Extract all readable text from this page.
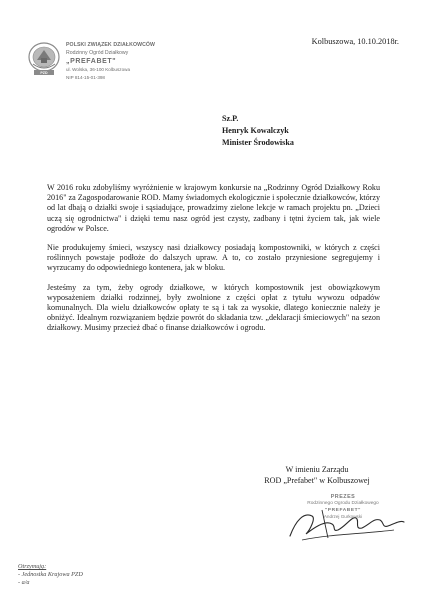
PZD
POLSKI ZWIĄZEK DZIAŁKOWCÓW
Rodzinny Ogród Działkowy
„PREFABET"
ul. Wolska, 36-100 Kolbuszowa
NIP 814-15-01-398
Kolbuszowa, 10.10.2018r.
Sz.P.
Henryk Kowalczyk
Minister Środowiska

W 2016 roku zdobyliśmy wyróżnienie w krajowym konkursie na „Rodzinny Ogród Działkowy Roku 2016" za Zagospodarowanie ROD. Mamy świadomych ekologicznie i społecznie działkowców, którzy od lat dbają o działki swoje i sąsiadujące, prowadzimy zielone lekcje w ramach projektu pn. „Dzieci uczą się ogrodnictwa" i dzięki temu nasz ogród jest czysty, zadbany i tętni życiem tak, jak wiele ogrodów w Polsce.

Nie produkujemy śmieci, wszyscy nasi działkowcy posiadają kompostowniki, w których z części roślinnych powstaje podłoże do dalszych upraw. A to, co zostało przyniesione segregujemy i wyrzucamy do odpowiedniego kontenera, jak w bloku.

Jesteśmy za tym, żeby ogrody działkowe, w których kompostownik jest obowiązkowym wyposażeniem działki rodzinnej, były zwolnione z części opłat z tytułu wywozu odpadów komunalnych. Dla wielu działkowców opłaty te są i tak za wysokie, dlatego koniecznie należy je obniżyć. Idealnym rozwiązaniem będzie powrót do składania tzw. „deklaracji śmieciowych" na sezon działkowy. Musimy przecież dbać o finanse działkowców i ogrodu.

W imieniu Zarządu
ROD „Prefabet" w Kolbuszowej
PREZES
Rodzinnego Ogrodu Działkowego
"PREFABET"
Andrzej Gurkowski
Otrzymują:
- Jednostka Krajowa PZD
- a/a
